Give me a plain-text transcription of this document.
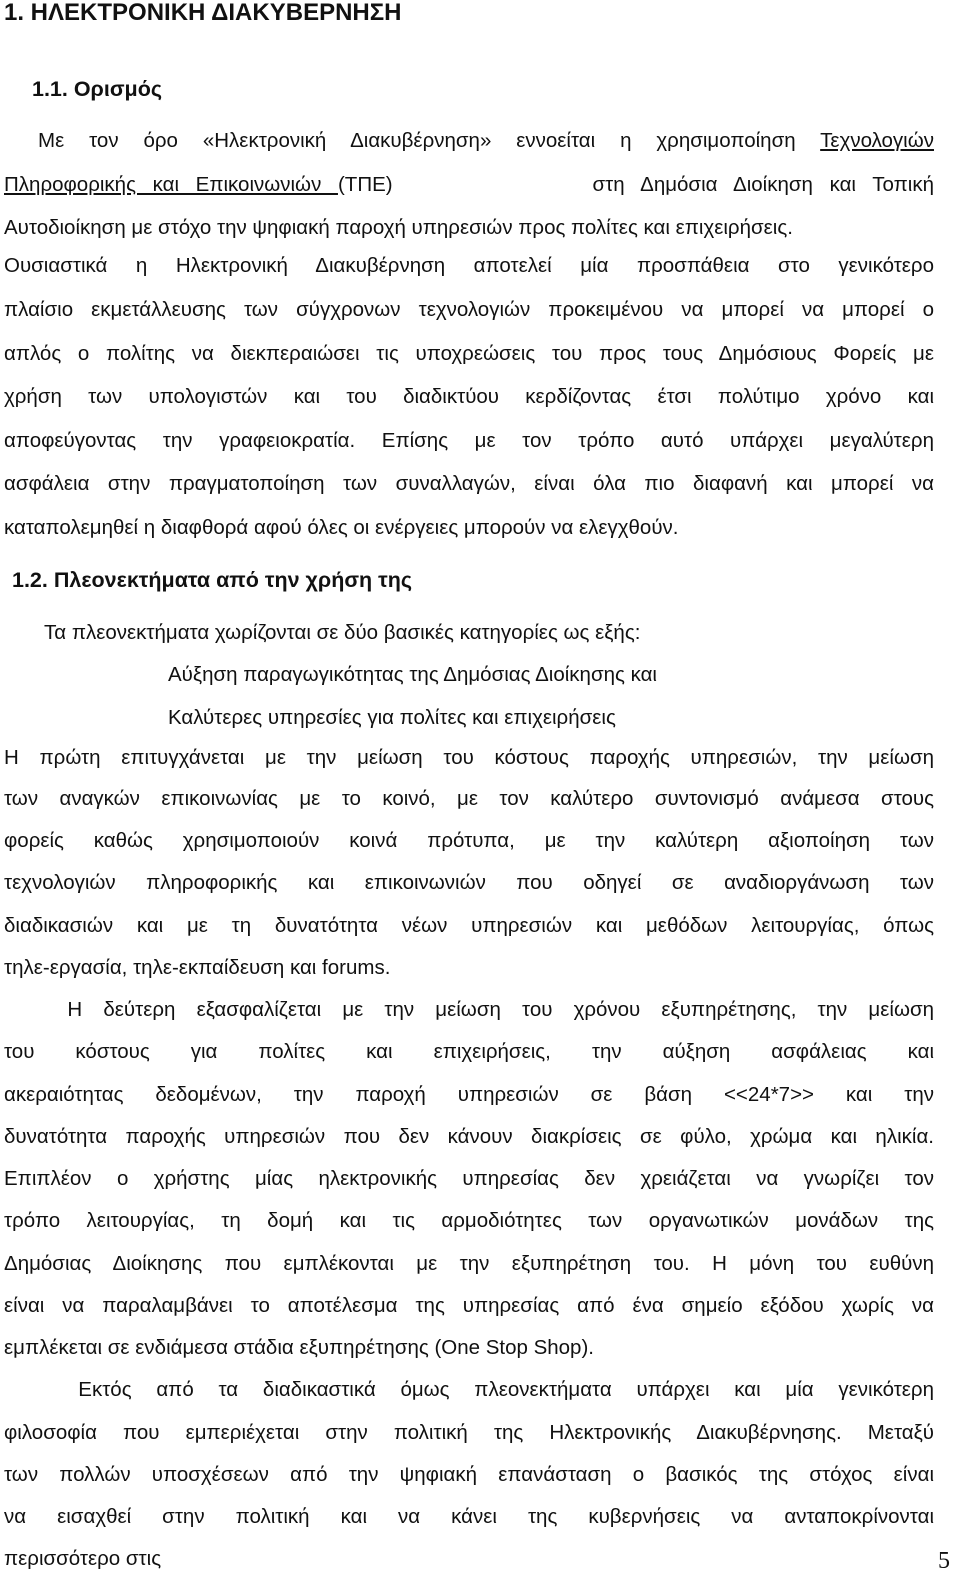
1. ΗΛΕΚΤΡΟΝΙΚΗ ΔΙΑΚΥΒΕΡΝΗΣΗ
1.1. Ορισμός
Με τον όρο «Ηλεκτρονική Διακυβέρνηση» εννοείται η χρησιμοποίηση Τεχνολογιών
Πληροφορικής και Επικοινωνιών (ΤΠΕ)            στη Δημόσια Διοίκηση και Τοπική
Αυτοδιοίκηση με στόχο την ψηφιακή παροχή υπηρεσιών προς πολίτες και επιχειρήσεις.
Ουσιαστικά η Ηλεκτρονική Διακυβέρνηση αποτελεί μία προσπάθεια στο γενικότερο
πλαίσιο εκμετάλλευσης των σύγχρονων τεχνολογιών προκειμένου να μπορεί να μπορεί ο
απλός ο πολίτης να διεκπεραιώσει τις υποχρεώσεις του προς τους Δημόσιους Φορείς με
χρήση των υπολογιστών και του διαδικτύου κερδίζοντας έτσι πολύτιμο χρόνο και
αποφεύγοντας την γραφειοκρατία. Επίσης με τον τρόπο αυτό υπάρχει μεγαλύτερη
ασφάλεια στην πραγματοποίηση των συναλλαγών, είναι όλα πιο διαφανή και μπορεί να
καταπολεμηθεί η διαφθορά αφού όλες οι ενέργειες μπορούν να ελεγχθούν.
1.2. Πλεονεκτήματα από την χρήση της
Τα πλεονεκτήματα χωρίζονται σε δύο βασικές κατηγορίες ως εξής:
Αύξηση παραγωγικότητας της Δημόσιας Διοίκησης και
Καλύτερες υπηρεσίες για πολίτες και επιχειρήσεις
Η πρώτη επιτυγχάνεται με την μείωση του κόστους παροχής υπηρεσιών, την μείωση
των αναγκών επικοινωνίας με το κοινό, με τον καλύτερο συντονισμό ανάμεσα στους
φορείς καθώς χρησιμοποιούν κοινά πρότυπα, με την καλύτερη αξιοποίηση των
τεχνολογιών πληροφορικής και επικοινωνιών που οδηγεί σε αναδιοργάνωση των
διαδικασιών και με τη δυνατότητα νέων υπηρεσιών και μεθόδων λειτουργίας, όπως
τηλε-εργασία, τηλε-εκπαίδευση και forums.
Η δεύτερη εξασφαλίζεται με την μείωση του χρόνου εξυπηρέτησης, την μείωση
του κόστους για πολίτες και επιχειρήσεις, την αύξηση ασφάλειας και
ακεραιότητας δεδομένων, την παροχή υπηρεσιών σε βάση <<24*7>> και την
δυνατότητα παροχής υπηρεσιών που δεν κάνουν διακρίσεις σε φύλο, χρώμα και ηλικία.
Επιπλέον ο χρήστης μίας ηλεκτρονικής υπηρεσίας δεν χρειάζεται να γνωρίζει τον
τρόπο λειτουργίας, τη δομή και τις αρμοδιότητες των οργανωτικών μονάδων της
Δημόσιας Διοίκησης που εμπλέκονται με την εξυπηρέτηση του. Η μόνη του ευθύνη
είναι να παραλαμβάνει το αποτέλεσμα της υπηρεσίας από ένα σημείο εξόδου χωρίς να
εμπλέκεται σε ενδιάμεσα στάδια εξυπηρέτησης (One Stop Shop).
Εκτός από τα διαδικαστικά όμως πλεονεκτήματα υπάρχει και μία γενικότερη
φιλοσοφία που εμπεριέχεται στην πολιτική της Ηλεκτρονικής Διακυβέρνησης. Μεταξύ
των πολλών υποσχέσεων από την ψηφιακή επανάσταση ο βασικός της στόχος είναι
να εισαχθεί στην πολιτική και να κάνει της κυβερνήσεις να ανταποκρίνονται
περισσότερο στις	5
